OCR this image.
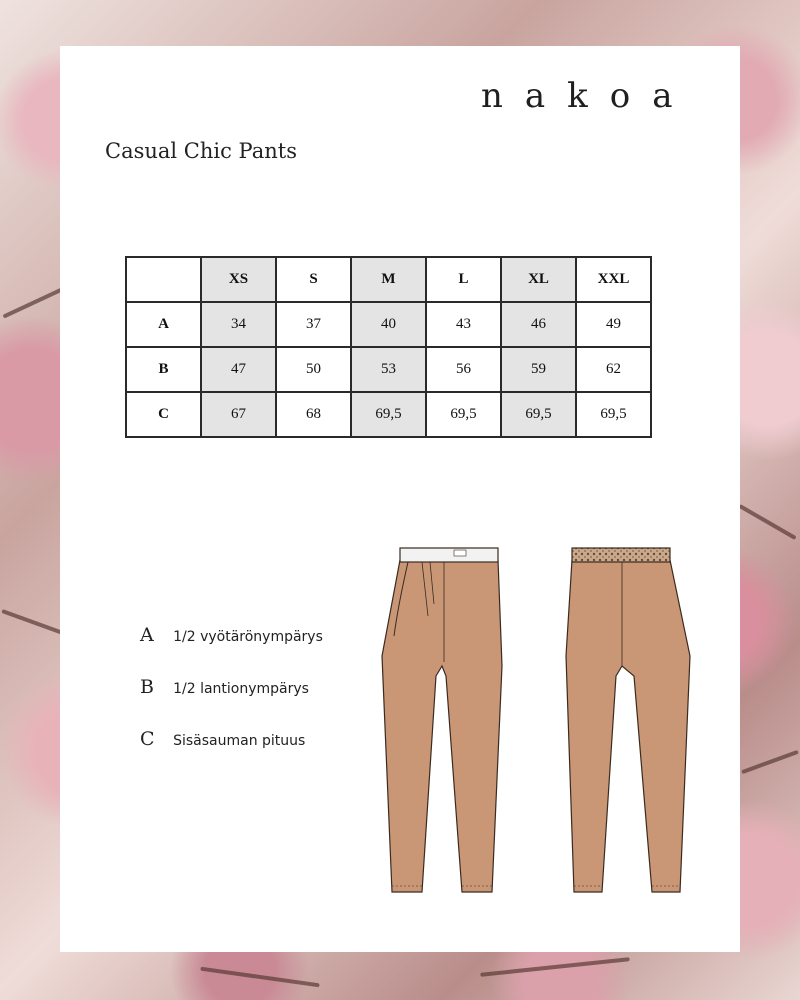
nakoa
Casual Chic Pants
	XS	S	M	L	XL	XXL
A	34	37	40	43	46	49
B	47	50	53	56	59	62
C	67	68	69,5	69,5	69,5	69,5
A 1/2 vyötärönympärys
B 1/2 lantionympärys
C Sisäsauman pituus
